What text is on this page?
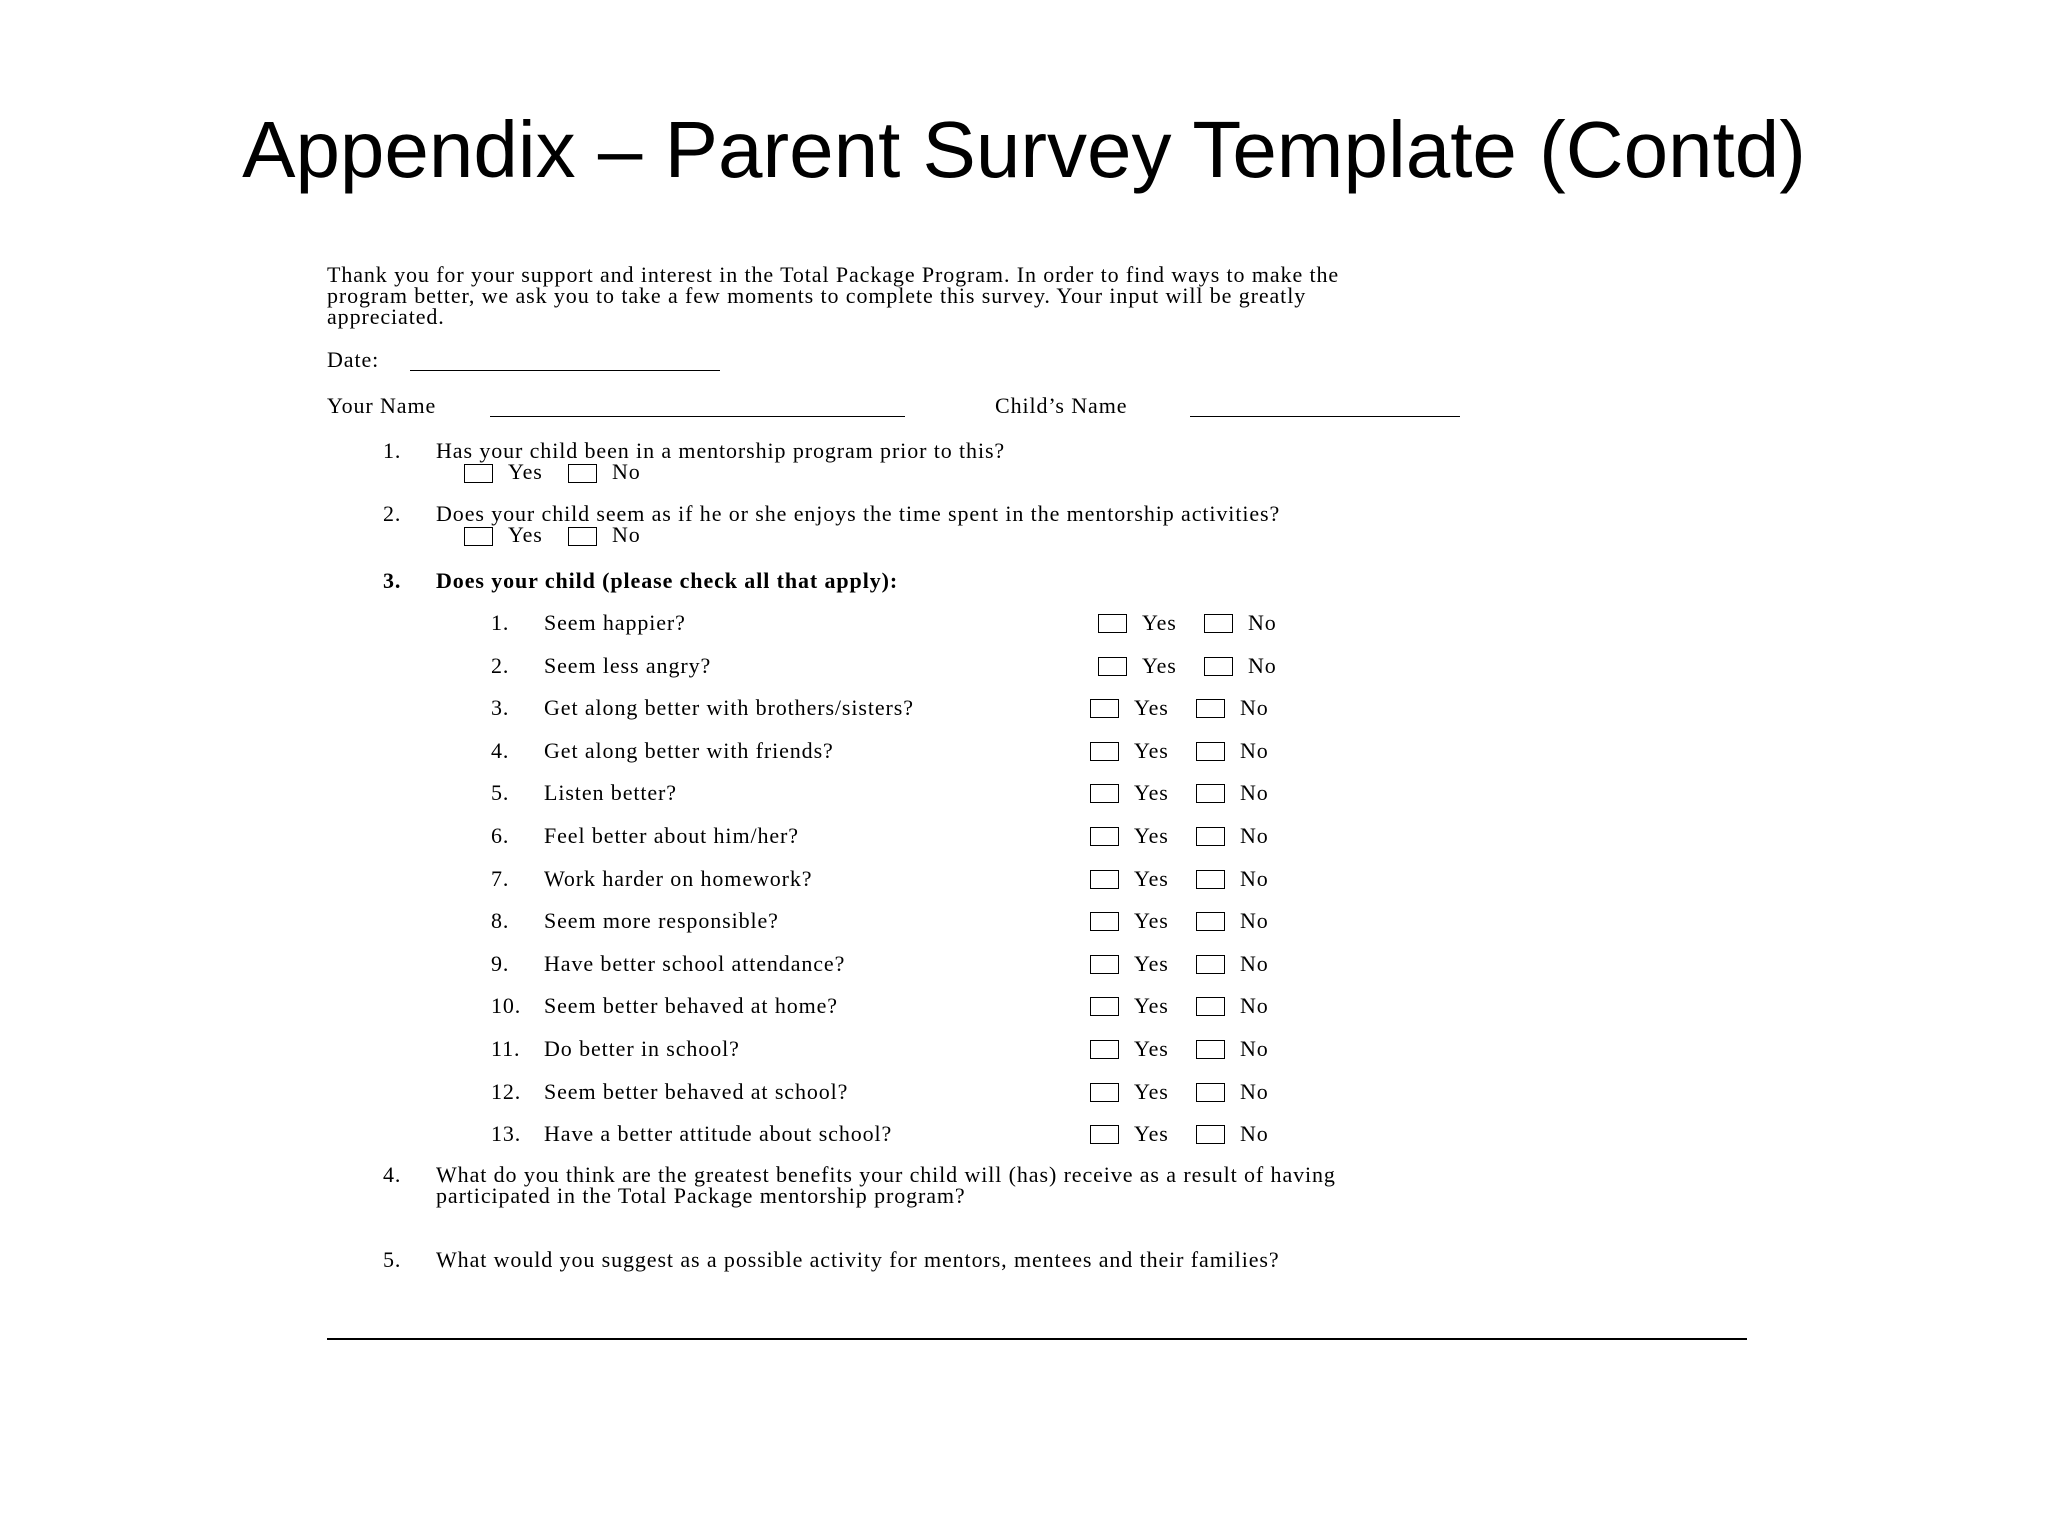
Appendix – Parent Survey Template (Contd)
Thank you for your support and interest in the Total Package Program. In order to find ways to make the
program better, we ask you to take a few moments to complete this survey. Your input will be greatly
appreciated.
Date:
Your Name	Child’s Name
1. Has your child been in a mentorship program prior to this?
Yes	No
2. Does your child seem as if he or she enjoys the time spent in the mentorship activities?
Yes	No
3. Does your child (please check all that apply):
1. Seem happier?	Yes	No
2. Seem less angry?	Yes	No
3. Get along better with brothers/sisters?	Yes	No
4. Get along better with friends?	Yes	No
5. Listen better?	Yes	No
6. Feel better about him/her?	Yes	No
7. Work harder on homework?	Yes	No
8. Seem more responsible?	Yes	No
9. Have better school attendance?	Yes	No
10. Seem better behaved at home?	Yes	No
11. Do better in school?	Yes	No
12. Seem better behaved at school?	Yes	No
13. Have a better attitude about school?	Yes	No
4. What do you think are the greatest benefits your child will (has) receive as a result of having
participated in the Total Package mentorship program?
5. What would you suggest as a possible activity for mentors, mentees and their families?
